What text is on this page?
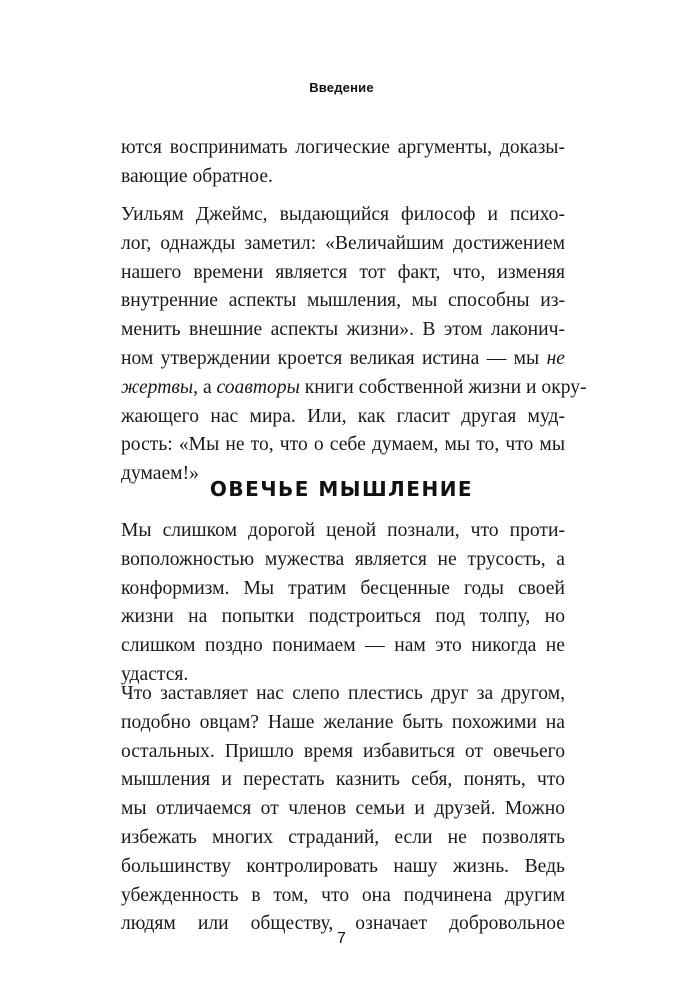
Введение
ются воспринимать логические аргументы, доказы-
вающие обратное.
Уильям Джеймс, выдающийся философ и психо-
лог, однажды заметил: «Величайшим достижением
нашего времени является тот факт, что, изменяя
внутренние аспекты мышления, мы способны из-
менить внешние аспекты жизни». В этом лаконич-
ном утверждении кроется великая истина — мы не
жертвы, а соавторы книги собственной жизни и окру-
жающего нас мира. Или, как гласит другая муд-
рость: «Мы не то, что о себе думаем, мы то, что мы
думаем!»
ОВЕЧЬЕ МЫШЛЕНИЕ
Мы слишком дорогой ценой познали, что проти-
воположностью мужества является не трусость, а
конформизм. Мы тратим бесценные годы своей
жизни на попытки подстроиться под толпу, но
слишком поздно понимаем — нам это никогда не
удастся.
Что заставляет нас слепо плестись друг за другом,
подобно овцам? Наше желание быть похожими на
остальных. Пришло время избавиться от овечьего
мышления и перестать казнить себя, понять, что
мы отличаемся от членов семьи и друзей. Можно
избежать многих страданий, если не позволять
большинству контролировать нашу жизнь. Ведь
убежденность в том, что она подчинена другим
людям или обществу, означает добровольное
7
